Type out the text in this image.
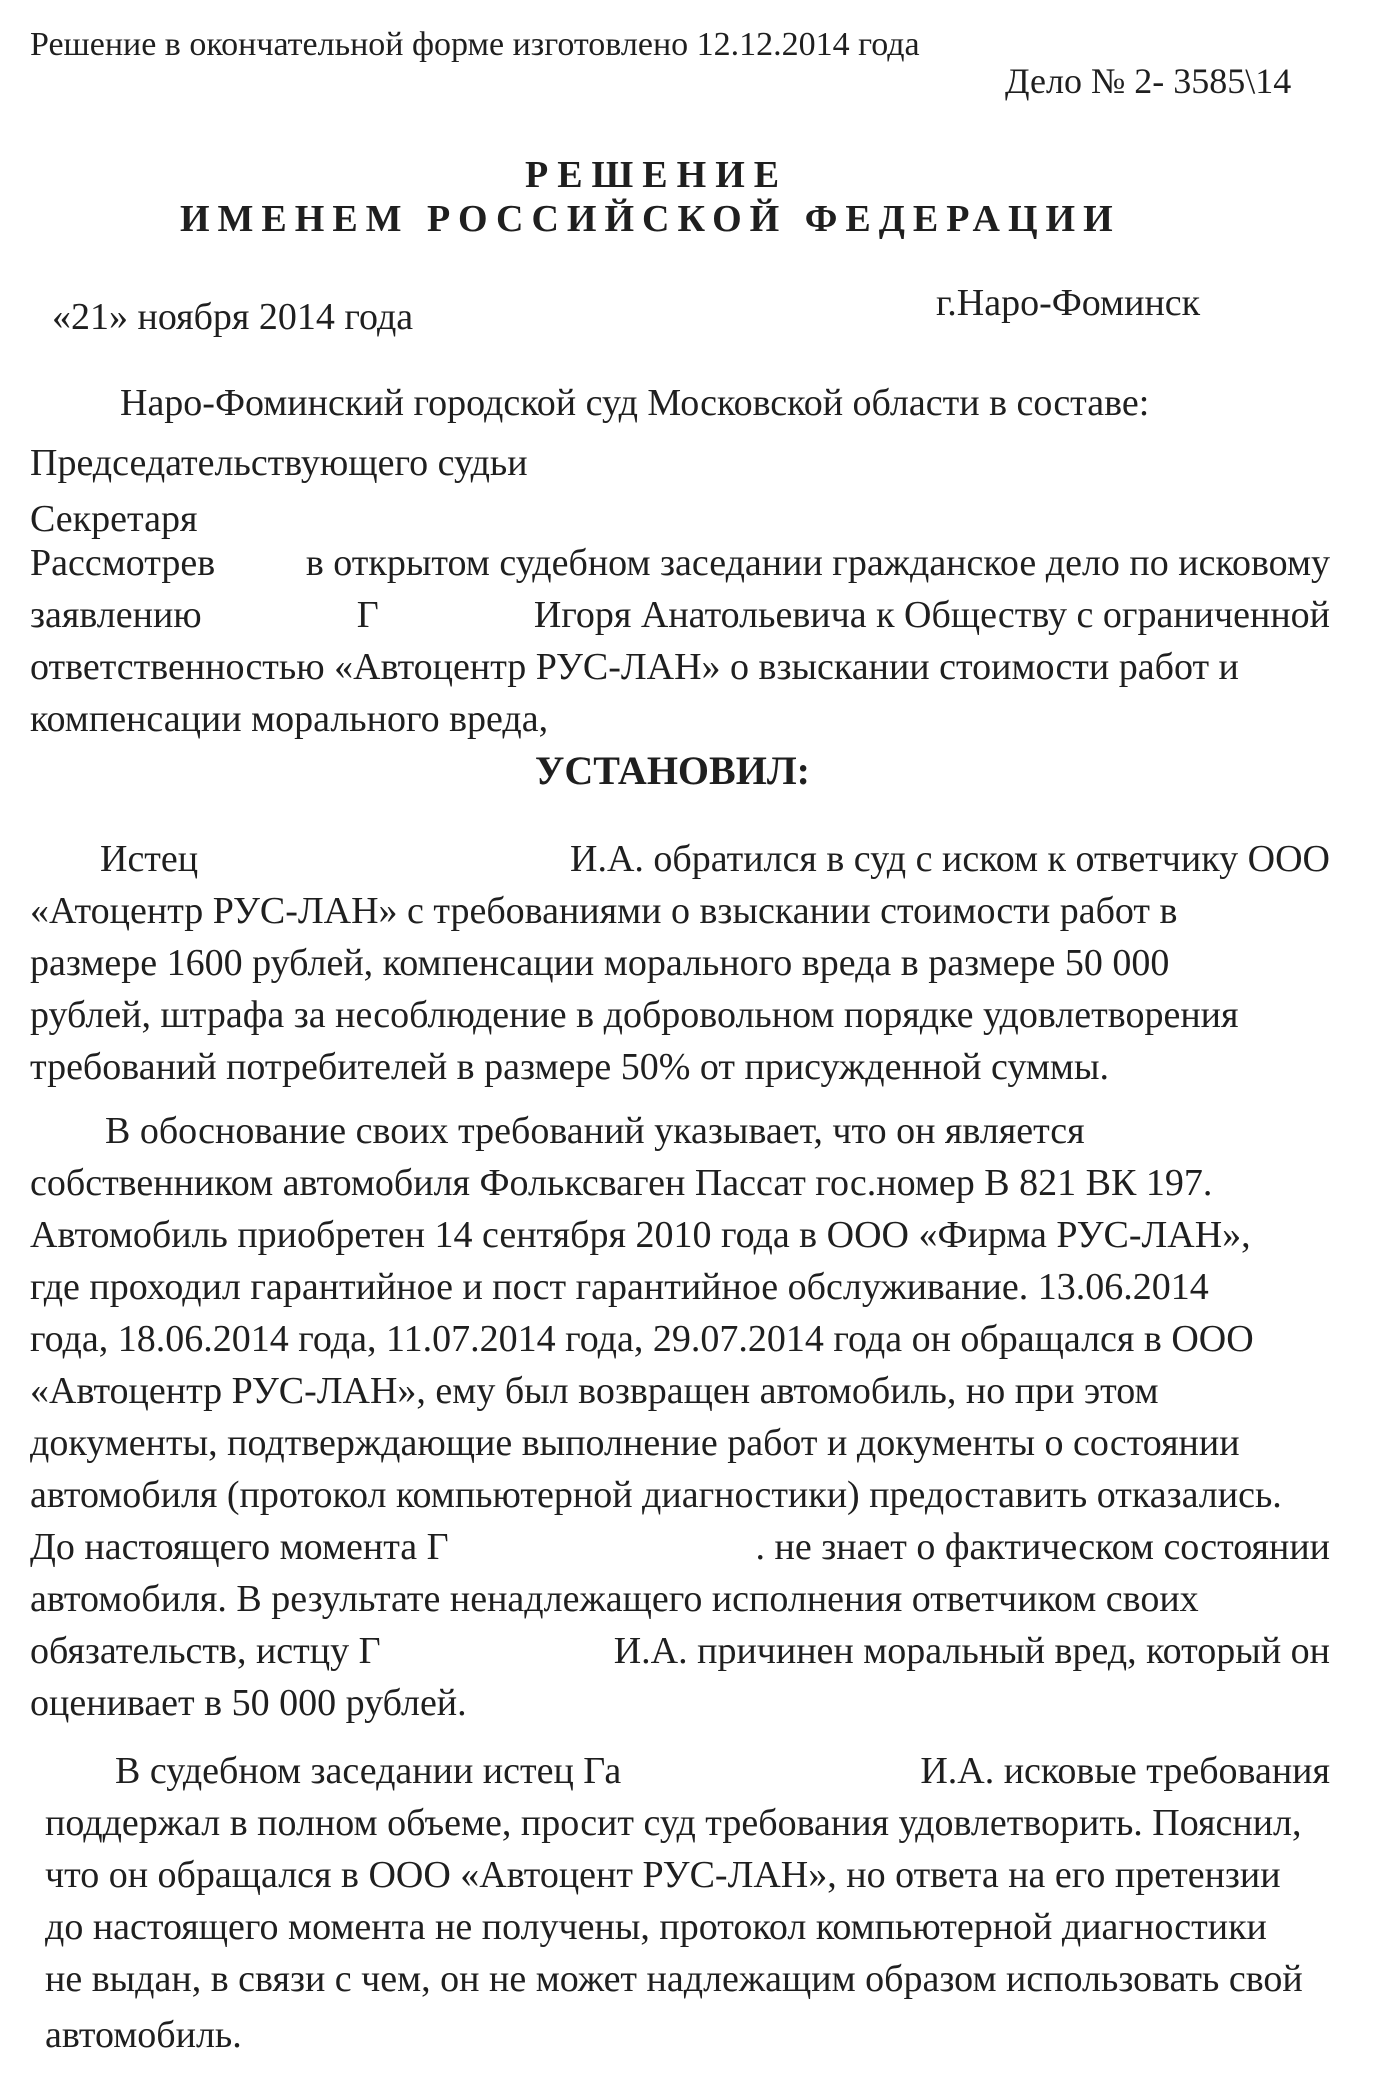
Решение в окончательной форме изготовлено 12.12.2014 года
Дело № 2- 3585\14
РЕШЕНИЕ
ИМЕНЕМ РОССИЙСКОЙ ФЕДЕРАЦИИ
«21» ноября 2014 года	г.Наро-Фоминск
Наро-Фоминский городской суд Московской области в составе:
Председательствующего судьи
Секретаря
Рассмотрев в открытом судебном заседании гражданское дело по исковому
заявлению	Г	Игоря Анатольевича к Обществу с ограниченной
ответственностью «Автоцентр РУС-ЛАН» о взыскании стоимости работ и
компенсации морального вреда,
УСТАНОВИЛ:
Истец	И.А. обратился в суд с иском к ответчику ООО
«Атоцентр РУС-ЛАН» с требованиями о взыскании стоимости работ в
размере 1600 рублей, компенсации морального вреда в размере 50 000
рублей, штрафа за несоблюдение в добровольном порядке удовлетворения
требований потребителей в размере 50% от присужденной суммы.
В обоснование своих требований указывает, что он является
собственником автомобиля Фольксваген Пассат гос.номер В 821 ВК 197.
Автомобиль приобретен 14 сентября 2010 года в ООО «Фирма РУС-ЛАН»,
где проходил гарантийное и пост гарантийное обслуживание. 13.06.2014
года, 18.06.2014 года, 11.07.2014 года, 29.07.2014 года он обращался в ООО
«Автоцентр РУС-ЛАН», ему был возвращен автомобиль, но при этом
документы, подтверждающие выполнение работ и документы о состоянии
автомобиля (протокол компьютерной диагностики) предоставить отказались.
До настоящего момента Г	. не знает о фактическом состоянии
автомобиля. В результате ненадлежащего исполнения ответчиком своих
обязательств, истцу Г	И.А. причинен моральный вред, который он
оценивает в 50 000 рублей.
В судебном заседании истец Га	И.А. исковые требования
поддержал в полном объеме, просит суд требования удовлетворить. Пояснил,
что он обращался в ООО «Автоцент РУС-ЛАН», но ответа на его претензии
до настоящего момента не получены, протокол компьютерной диагностики
не выдан, в связи с чем, он не может надлежащим образом использовать свой
автомобиль.
